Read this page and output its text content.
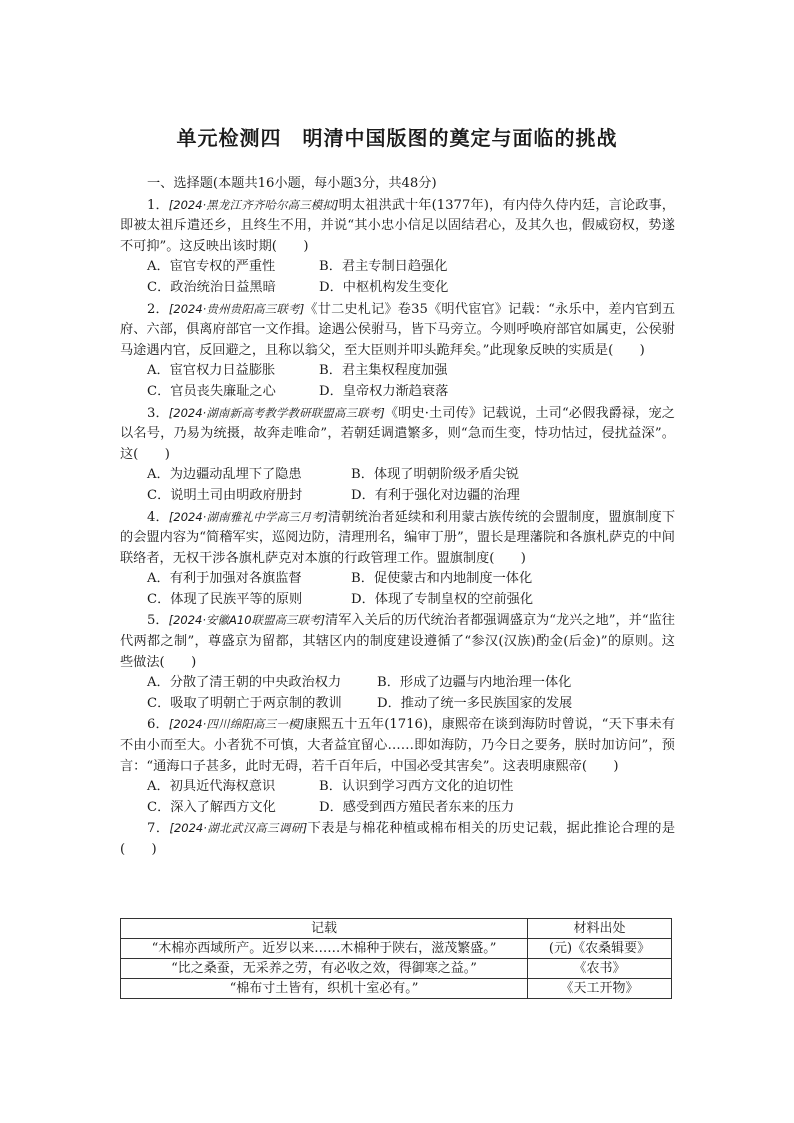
单元检测四　明清中国版图的奠定与面临的挑战

一、选择题(本题共16小题，每小题3分，共48分)

1．[2024·黑龙江齐齐哈尔高三模拟]明太祖洪武十年(1377年)，有内侍久侍内廷，言论政事，即被太祖斥遣还乡，且终生不用，并说“其小忠小信足以固结君心，及其久也，假威窃权，势遂不可抑”。这反映出该时期(　　)

A．宦官专权的严重性	B．君主专制日趋强化
C．政治统治日益黑暗	D．中枢机构发生变化

2．[2024·贵州贵阳高三联考]《廿二史札记》卷35《明代宦官》记载：“永乐中，差内官到五府、六部，俱离府部官一文作揖。途遇公侯驸马，皆下马旁立。今则呼唤府部官如属吏，公侯驸马途遇内官，反回避之，且称以翁父，至大臣则并叩头跪拜矣。”此现象反映的实质是(　　)

A．宦官权力日益膨胀	B．君主集权程度加强
C．官员丧失廉耻之心	D．皇帝权力渐趋衰落

3．[2024·湖南新高考教学教研联盟高三联考]《明史·土司传》记载说，土司“必假我爵禄，宠之以名号，乃易为统摄，故奔走唯命”，若朝廷调遣繁多，则“急而生变，恃功怙过，侵扰益深”。这(　　)

A．为边疆动乱埋下了隐患	B．体现了明朝阶级矛盾尖锐
C．说明土司由明政府册封	D．有利于强化对边疆的治理

4．[2024·湖南雅礼中学高三月考]清朝统治者延续和利用蒙古族传统的会盟制度，盟旗制度下的会盟内容为“简稽军实，巡阅边防，清理刑名，编审丁册”，盟长是理藩院和各旗札萨克的中间联络者，无权干涉各旗札萨克对本旗的行政管理工作。盟旗制度(　　)

A．有利于加强对各旗监督	B．促使蒙古和内地制度一体化
C．体现了民族平等的原则	D．体现了专制皇权的空前强化

5．[2024·安徽A10联盟高三联考]清军入关后的历代统治者都强调盛京为“龙兴之地”，并“监往代两都之制”，尊盛京为留都，其辖区内的制度建设遵循了“参汉(汉族)酌金(后金)”的原则。这些做法(　　)

A．分散了清王朝的中央政治权力	B．形成了边疆与内地治理一体化
C．吸取了明朝亡于两京制的教训	D．推动了统一多民族国家的发展

6．[2024·四川绵阳高三一模]康熙五十五年(1716)，康熙帝在谈到海防时曾说，“天下事未有不由小而至大。小者犹不可慎，大者益宜留心……即如海防，乃今日之要务，朕时加访问”，预言：“通海口子甚多，此时无碍，若千百年后，中国必受其害矣”。这表明康熙帝(　　)

A．初具近代海权意识	B．认识到学习西方文化的迫切性
C．深入了解西方文化	D．感受到西方殖民者东来的压力

7．[2024·湖北武汉高三调研]下表是与棉花种植或棉布相关的历史记载，据此推论合理的是(　　)

记载	材料出处
“木棉亦西域所产。近岁以来……木棉种于陕右，滋茂繁盛。”	(元)《农桑辑要》
“比之桑蚕，无采养之劳，有必收之效，得御寒之益。”	《农书》
“棉布寸土皆有，织机十室必有。”	《天工开物》
